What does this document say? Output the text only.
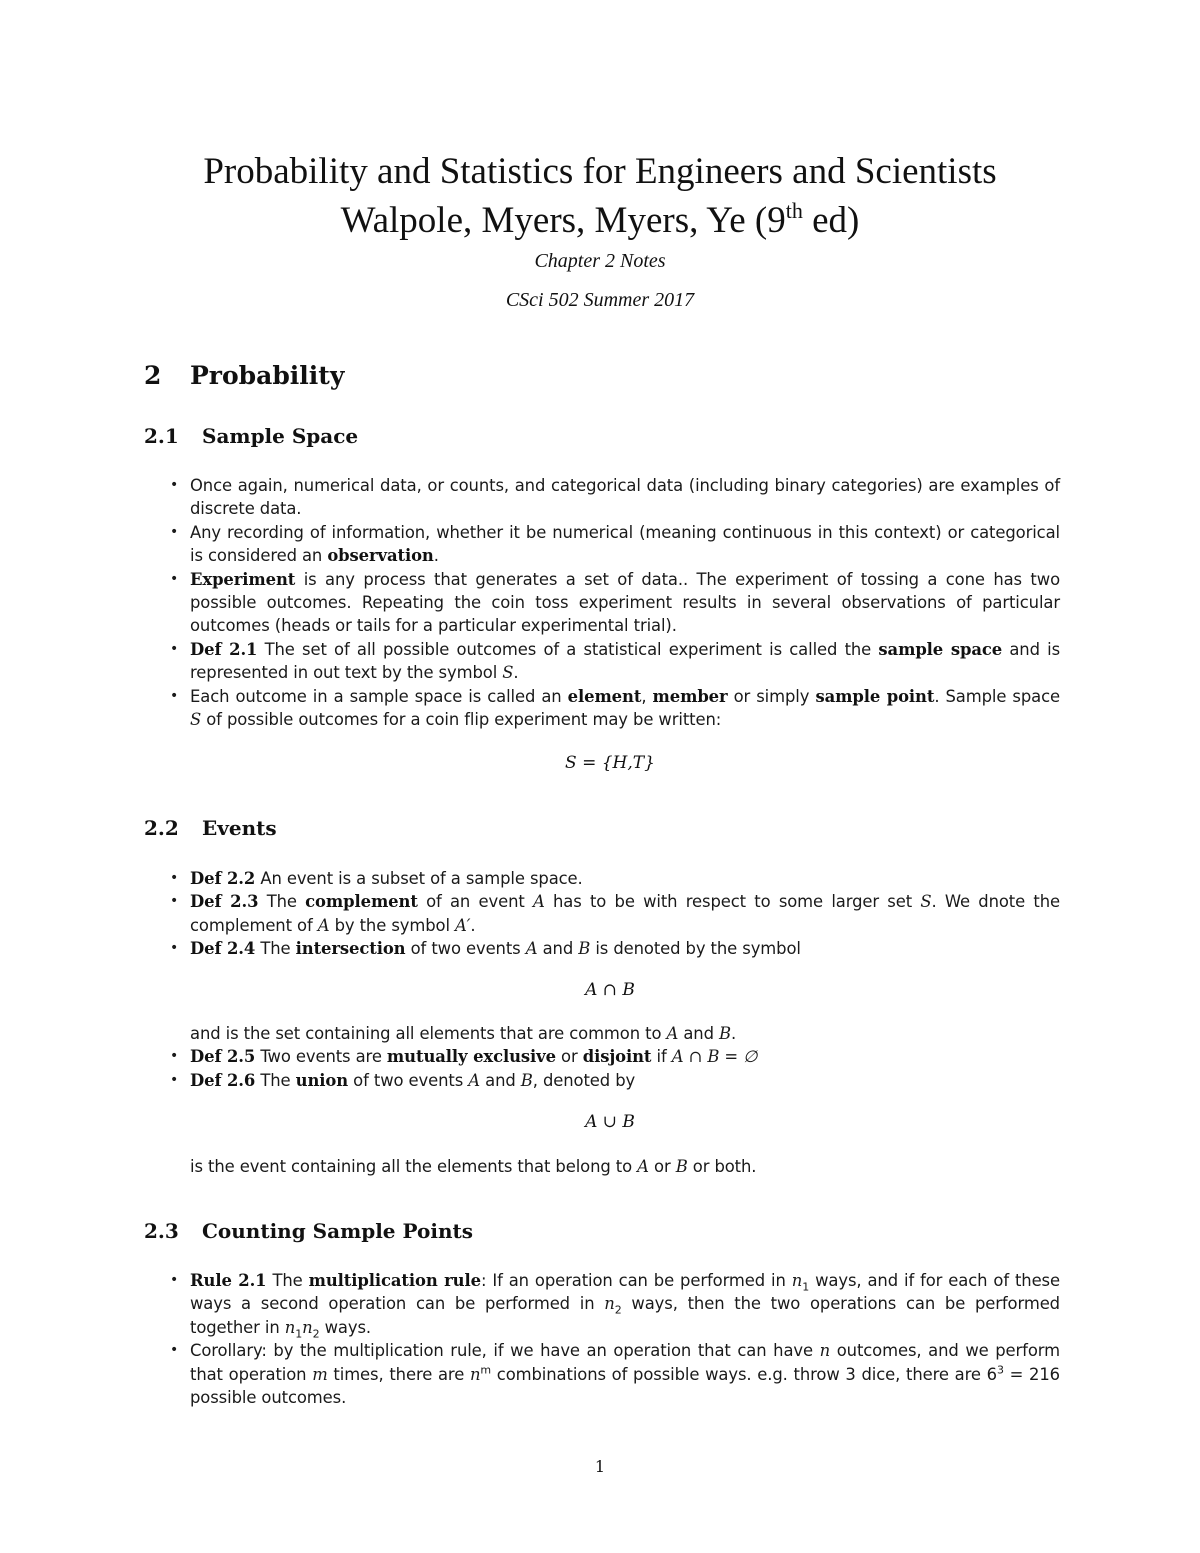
Probability and Statistics for Engineers and Scientists
Walpole, Myers, Myers, Ye (9th ed)
Chapter 2 Notes
CSci 502 Summer 2017
2 Probability
2.1 Sample Space
• Once again, numerical data, or counts, and categorical data (including binary categories) are examples of discrete data.
• Any recording of information, whether it be numerical (meaning continuous in this context) or categorical is considered an observation.
• Experiment is any process that generates a set of data.. The experiment of tossing a cone has two possible outcomes. Repeating the coin toss experiment results in several observations of particular outcomes (heads or tails for a particular experimental trial).
• Def 2.1 The set of all possible outcomes of a statistical experiment is called the sample space and is represented in out text by the symbol S.
• Each outcome in a sample space is called an element, member or simply sample point. Sample space S of possible outcomes for a coin flip experiment may be written:
S = {H,T}
2.2 Events
• Def 2.2 An event is a subset of a sample space.
• Def 2.3 The complement of an event A has to be with respect to some larger set S. We dnote the complement of A by the symbol A′.
• Def 2.4 The intersection of two events A and B is denoted by the symbol
A ∩ B
and is the set containing all elements that are common to A and B.
• Def 2.5 Two events are mutually exclusive or disjoint if A ∩ B = ∅
• Def 2.6 The union of two events A and B, denoted by
A ∪ B
is the event containing all the elements that belong to A or B or both.
2.3 Counting Sample Points
• Rule 2.1 The multiplication rule: If an operation can be performed in $n_1$ ways, and if for each of these ways a second operation can be performed in $n_2$ ways, then the two operations can be performed together in $n_1n_2$ ways.
• Corollary: by the multiplication rule, if we have an operation that can have n outcomes, and we perform that operation m times, there are $n^m$ combinations of possible ways. e.g. throw 3 dice, there are $6^3 = 216$ possible outcomes.
1
